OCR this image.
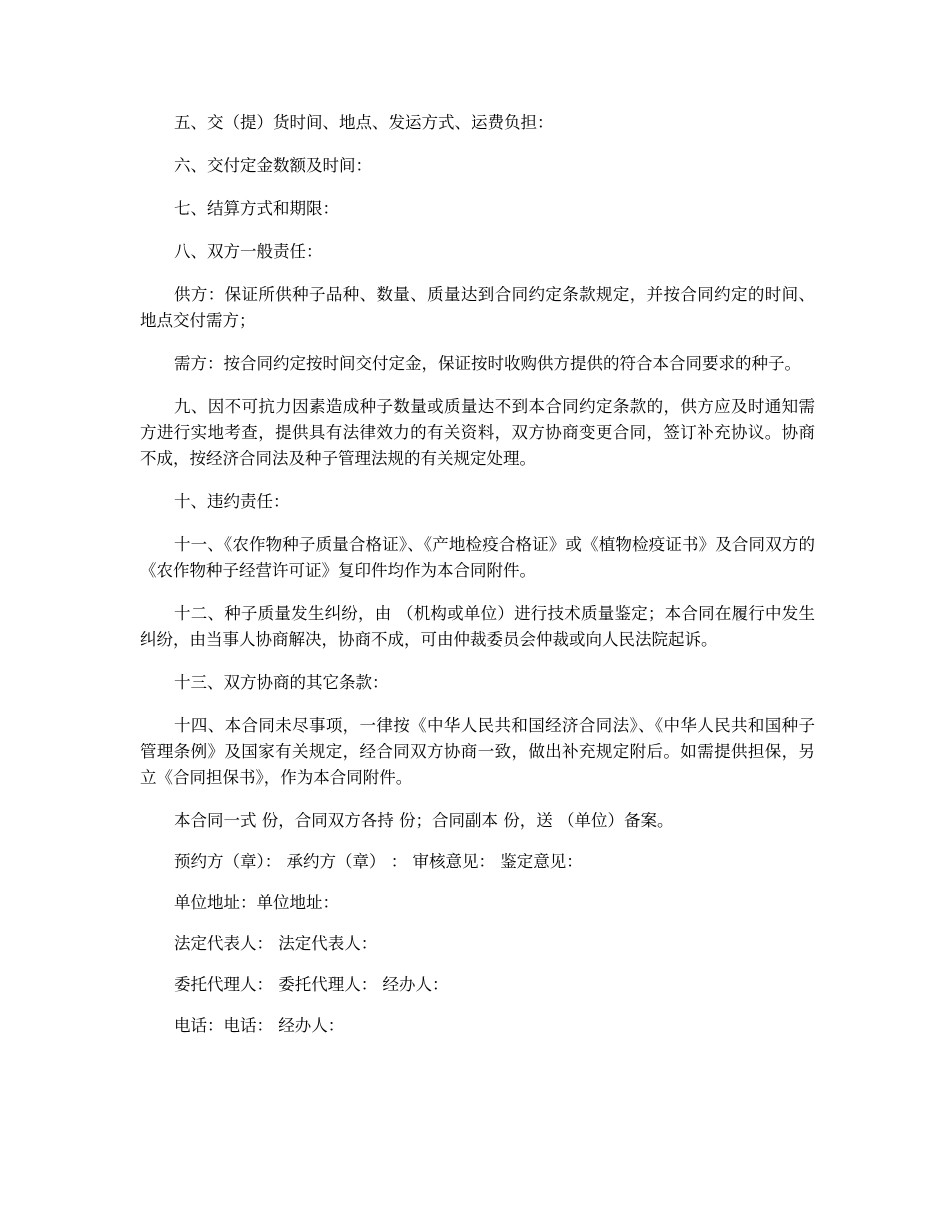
五、交（提）货时间、地点、发运方式、运费负担：

六、交付定金数额及时间：

七、结算方式和期限：

八、双方一般责任：

供方：保证所供种子品种、数量、质量达到合同约定条款规定，并按合同约定的时间、地点交付需方；

需方：按合同约定按时间交付定金，保证按时收购供方提供的符合本合同要求的种子。

九、因不可抗力因素造成种子数量或质量达不到本合同约定条款的，供方应及时通知需方进行实地考查，提供具有法律效力的有关资料，双方协商变更合同，签订补充协议。协商不成，按经济合同法及种子管理法规的有关规定处理。

十、违约责任：

十一、《农作物种子质量合格证》、《产地检疫合格证》或《植物检疫证书》及合同双方的《农作物种子经营许可证》复印件均作为本合同附件。

十二、种子质量发生纠纷，由 （机构或单位）进行技术质量鉴定；本合同在履行中发生纠纷，由当事人协商解决，协商不成，可由仲裁委员会仲裁或向人民法院起诉。

十三、双方协商的其它条款：

十四、本合同未尽事项，一律按《中华人民共和国经济合同法》、《中华人民共和国种子管理条例》及国家有关规定，经合同双方协商一致，做出补充规定附后。如需提供担保，另立《合同担保书》，作为本合同附件。

本合同一式 份，合同双方各持 份；合同副本 份，送 （单位）备案。

预约方（章）： 承约方（章） ： 审核意见： 鉴定意见：

单位地址：单位地址：

法定代表人： 法定代表人：

委托代理人： 委托代理人： 经办人：

电话：电话： 经办人：
